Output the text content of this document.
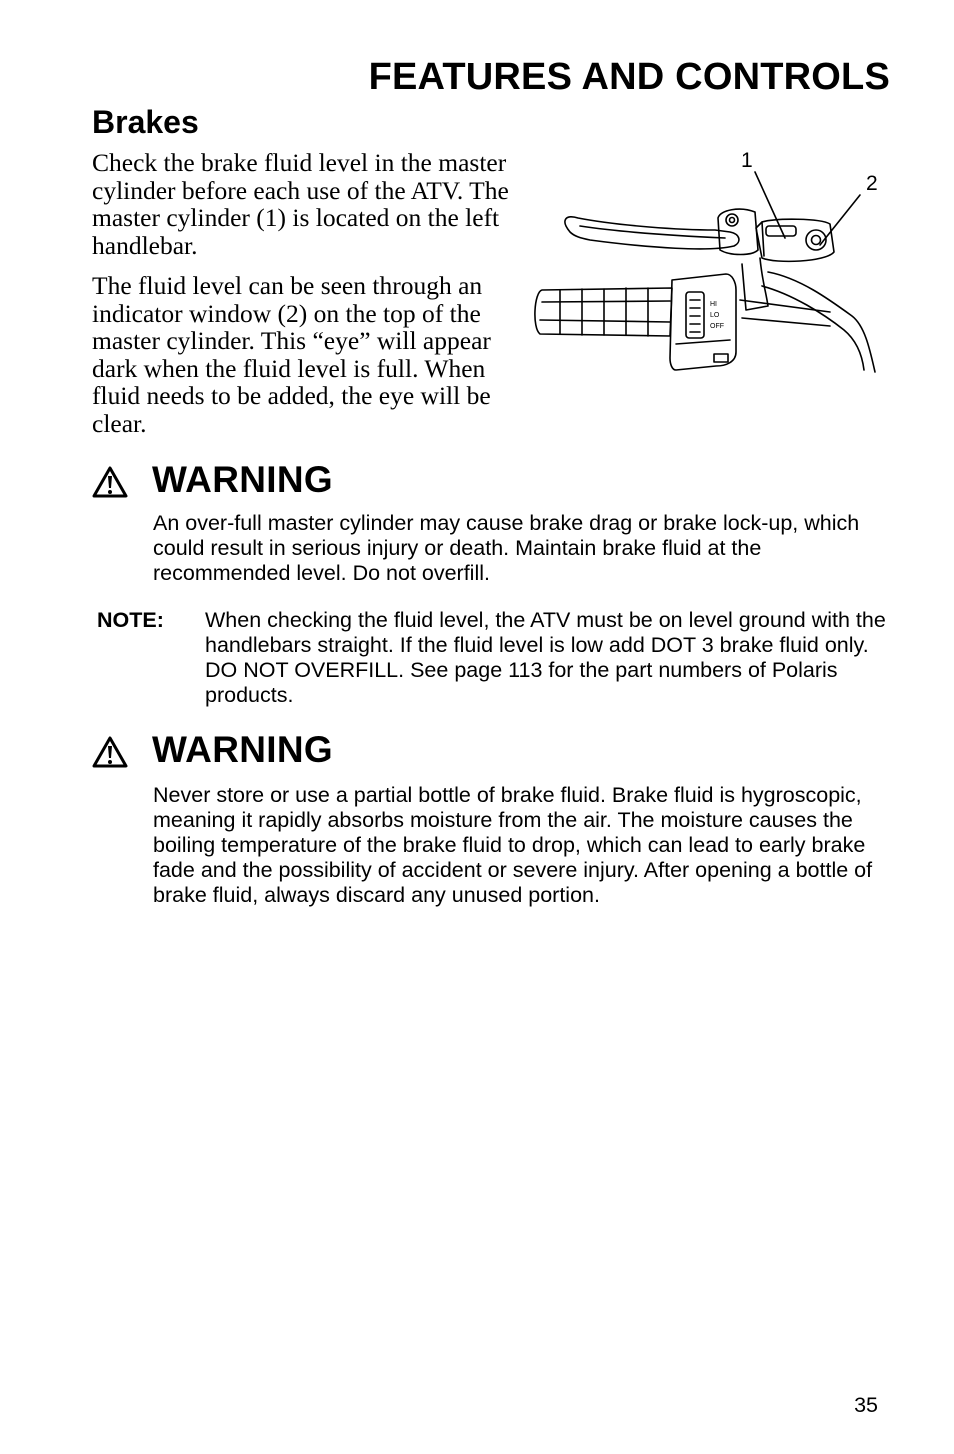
FEATURES AND CONTROLS
Brakes
Check the brake fluid level in the master cylinder before each use of the ATV. The master cylinder (1) is located on the left handlebar.
The fluid level can be seen through an indicator window (2) on the top of the master cylinder. This “eye” will appear dark when the fluid level is full. When fluid needs to be added, the eye will be clear.
1
2
HI
LO
OFF
WARNING
An over-full master cylinder may cause brake drag or brake lock-up, which could result in serious injury or death. Maintain brake fluid at the recommended level. Do not overfill.
NOTE: When checking the fluid level, the ATV must be on level ground with the handlebars straight. If the fluid level is low add DOT 3 brake fluid only. DO NOT OVERFILL. See page 113 for the part numbers of Polaris products.
WARNING
Never store or use a partial bottle of brake fluid. Brake fluid is hygroscopic, meaning it rapidly absorbs moisture from the air. The moisture causes the boiling temperature of the brake fluid to drop, which can lead to early brake fade and the possibility of accident or severe injury. After opening a bottle of brake fluid, always discard any unused portion.
35
